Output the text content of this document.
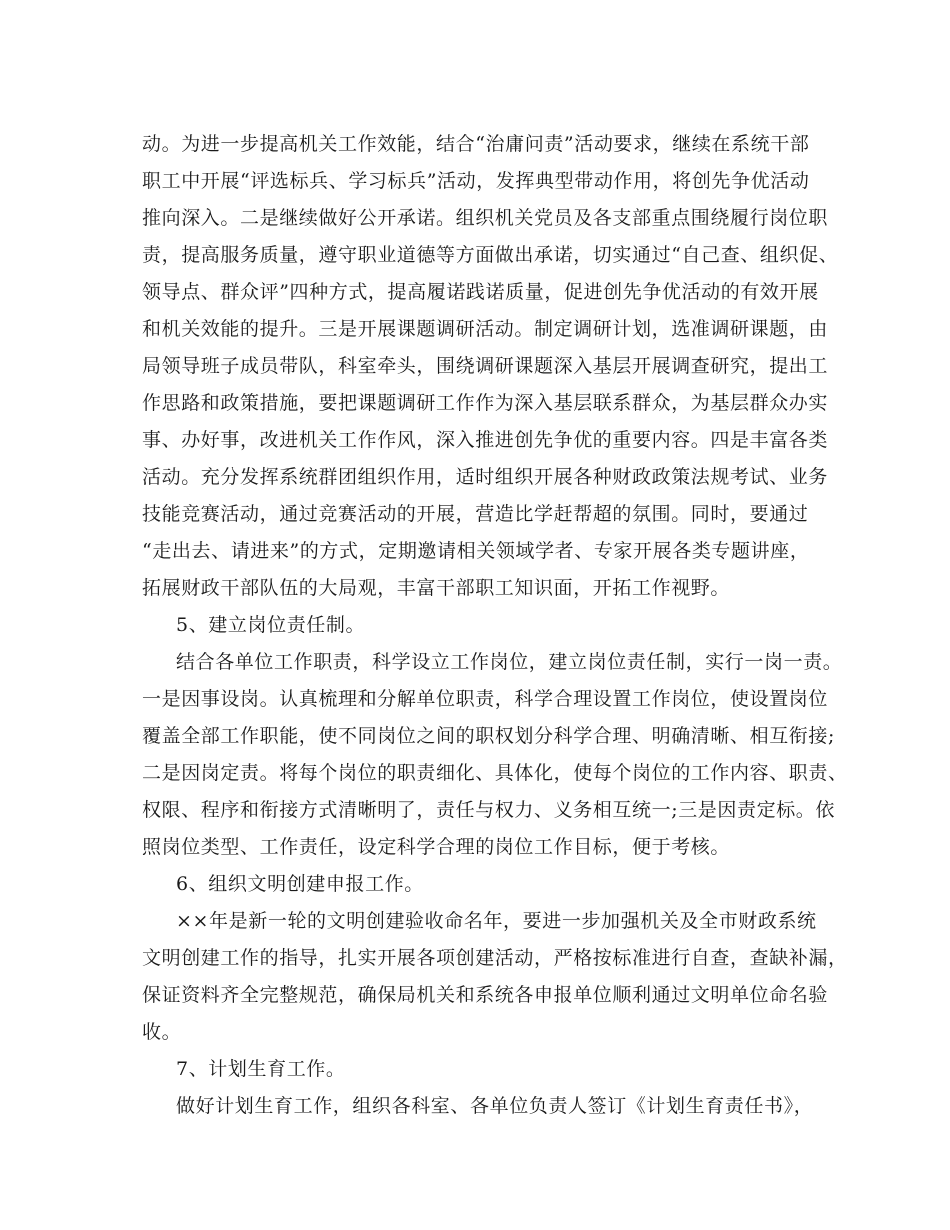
动。为进一步提高机关工作效能，结合“治庸问责”活动要求，继续在系统干部
职工中开展“评选标兵、学习标兵”活动，发挥典型带动作用，将创先争优活动
推向深入。二是继续做好公开承诺。组织机关党员及各支部重点围绕履行岗位职
责，提高服务质量，遵守职业道德等方面做出承诺，切实通过“自己查、组织促、
领导点、群众评”四种方式，提高履诺践诺质量，促进创先争优活动的有效开展
和机关效能的提升。三是开展课题调研活动。制定调研计划，选准调研课题，由
局领导班子成员带队，科室牵头，围绕调研课题深入基层开展调查研究，提出工
作思路和政策措施，要把课题调研工作作为深入基层联系群众，为基层群众办实
事、办好事，改进机关工作作风，深入推进创先争优的重要内容。四是丰富各类
活动。充分发挥系统群团组织作用，适时组织开展各种财政政策法规考试、业务
技能竞赛活动，通过竞赛活动的开展，营造比学赶帮超的氛围。同时，要通过
“走出去、请进来”的方式，定期邀请相关领域学者、专家开展各类专题讲座，
拓展财政干部队伍的大局观，丰富干部职工知识面，开拓工作视野。
5、建立岗位责任制。
结合各单位工作职责，科学设立工作岗位，建立岗位责任制，实行一岗一责。
一是因事设岗。认真梳理和分解单位职责，科学合理设置工作岗位，使设置岗位
覆盖全部工作职能，使不同岗位之间的职权划分科学合理、明确清晰、相互衔接;
二是因岗定责。将每个岗位的职责细化、具体化，使每个岗位的工作内容、职责、
权限、程序和衔接方式清晰明了，责任与权力、义务相互统一;三是因责定标。依
照岗位类型、工作责任，设定科学合理的岗位工作目标，便于考核。
6、组织文明创建申报工作。
××年是新一轮的文明创建验收命名年，要进一步加强机关及全市财政系统
文明创建工作的指导，扎实开展各项创建活动，严格按标准进行自查，查缺补漏，
保证资料齐全完整规范，确保局机关和系统各申报单位顺利通过文明单位命名验
收。
7、计划生育工作。
做好计划生育工作，组织各科室、各单位负责人签订《计划生育责任书》，
